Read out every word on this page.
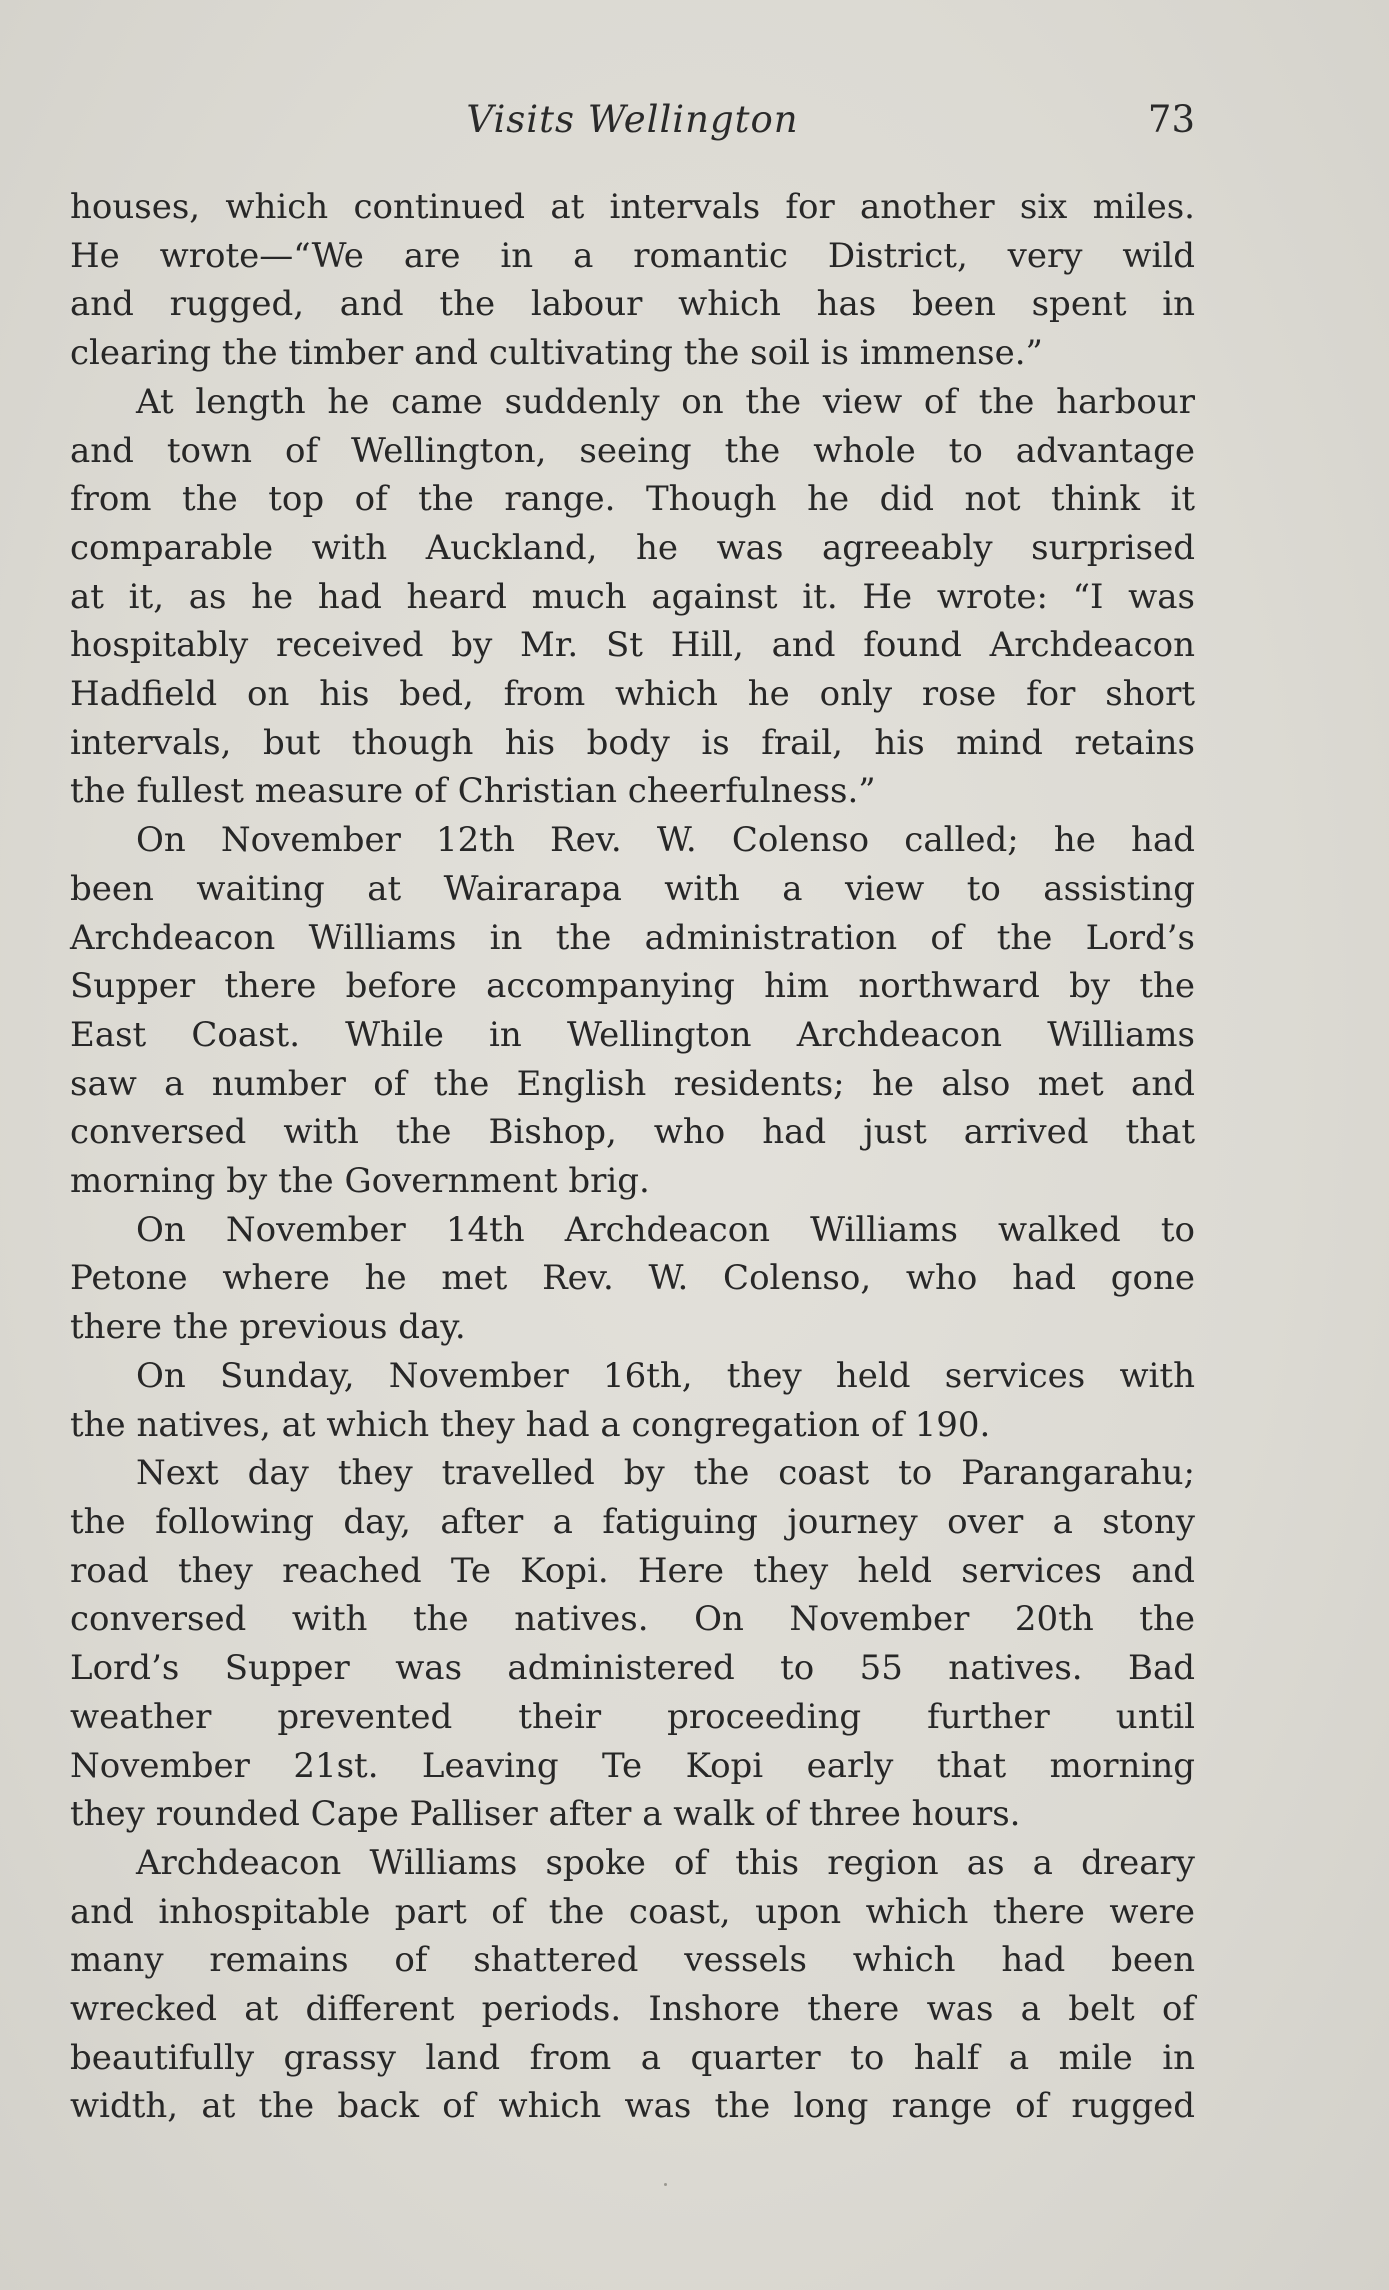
Visits Wellington	73

houses, which continued at intervals for another six miles.

He wrote—“We are in a romantic District, very wild

and rugged, and the labour which has been spent in

clearing the timber and cultivating the soil is immense.”

At length he came suddenly on the view of the harbour

and town of Wellington, seeing the whole to advantage

from the top of the range. Though he did not think it

comparable with Auckland, he was agreeably surprised

at it, as he had heard much against it. He wrote: “I was

hospitably received by Mr. St Hill, and found Archdeacon

Hadfield on his bed, from which he only rose for short

intervals, but though his body is frail, his mind retains

the fullest measure of Christian cheerfulness.”

On November 12th Rev. W. Colenso called; he had

been waiting at Wairarapa with a view to assisting

Archdeacon Williams in the administration of the Lord’s

Supper there before accompanying him northward by the

East Coast. While in Wellington Archdeacon Williams

saw a number of the English residents; he also met and

conversed with the Bishop, who had just arrived that

morning by the Government brig.

On November 14th Archdeacon Williams walked to

Petone where he met Rev. W. Colenso, who had gone

there the previous day.

On Sunday, November 16th, they held services with

the natives, at which they had a congregation of 190.

Next day they travelled by the coast to Parangarahu;

the following day, after a fatiguing journey over a stony

road they reached Te Kopi. Here they held services and

conversed with the natives. On November 20th the

Lord’s Supper was administered to 55 natives. Bad

weather prevented their proceeding further until

November 21st. Leaving Te Kopi early that morning

they rounded Cape Palliser after a walk of three hours.

Archdeacon Williams spoke of this region as a dreary

and inhospitable part of the coast, upon which there were

many remains of shattered vessels which had been

wrecked at different periods. Inshore there was a belt of

beautifully grassy land from a quarter to half a mile in

width, at the back of which was the long range of rugged
